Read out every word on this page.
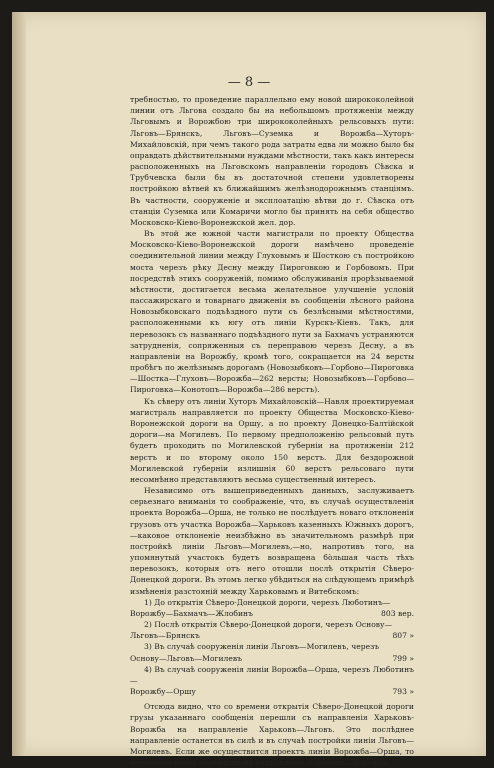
— 8 —

требностью, то проведение параллельно ему новой ширококолейной линии отъ Льгова создало бы на небольшомъ протяженiи между Льговымъ и Ворожбою три ширококолейныхъ рельсовыхъ пути: Льговъ—Брянскъ, Льговъ—Суземка и Ворожба—Хуторъ-Михайловскiй, при чемъ такого рода затраты едва ли можно было бы оправдать дѣйствительными нуждами мѣстности, такъ какъ интересы расположенныхъ на Льговскомъ направленiи городовъ Сѣвска и Трубчевска были бы въ достаточной степени удовлетворены постройкою вѣтвей къ ближайшимъ желѣзнодорожнымъ станцiямъ. Въ частности, сооруженiе и эксплоатацiю вѣтви до г. Сѣвска отъ станцiи Суземка или Комаричи могло бы принять на себя общество Московско-Кiево-Воронежской жел. дор.

Въ этой же южной части магистрали по проекту Общества Московско-Кiево-Воронежской дороги намѣчено проведенiе соединительной линии между Глуховымъ и Шосткою съ постройкою моста черезъ рѣку Десну между Пироговкою и Горбовомъ. При посредствѣ этихъ сооруженiй, помимо обслуживанiя прорѣзываемой мѣстности, достигается весьма желательное улучшенiе условiй пассажирскаго и товарнаго движенiя въ сообщенiи лѣсного района Новозыбковскаго подъѣздного пути съ безлѣсными мѣстностями, расположенными къ югу отъ линiи Курскъ-Кiевъ. Такъ, для перевозокъ съ названнаго подъѣздного пути за Бахмачъ устраняются затрудненiя, сопряженныя съ переправою черезъ Десну, а въ направленiи на Ворожбу, кромѣ того, сокращается на 24 версты пробѣгъ по желѣзнымъ дорогамъ (Новозыбковъ—Горбово—Пироговка—Шостка—Глуховъ—Ворожба—262 версты; Новозыбковъ—Горбово—Пироговка—Конотопъ—Ворожба—286 верстъ).

Къ сѣверу отъ линiи Хуторъ Михайловскiй—Навля проектируемая магистраль направляется по проекту Общества Московско-Кiево-Воронежской дороги на Оршу, а по проекту Донецко-Балтiйской дороги—на Могилевъ. По первому предположенiю рельсовый путь будетъ проходить по Могилевской губернiи на протяженiи 212 верстъ и по второму около 150 верстъ. Для бездорожной Могилевской губернiи излишнiя 60 верстъ рельсоваго пути несомнѣнно представляютъ весьма существенный интересъ.

Независимо отъ вышеприведенныхъ данныхъ, заслуживаетъ серьезнаго вниманiя то соображенiе, что, въ случаѣ осуществленiя проекта Ворожба—Орша, не только не послѣдуетъ новаго отклоненiя грузовъ отъ участка Ворожба—Харьковъ казенныхъ Южныхъ дорогъ,—каковое отклоненiе неизбѣжно въ значительномъ размѣрѣ при постройкѣ линiи Льговъ—Могилевъ,—но, напротивъ того, на упомянутый участокъ будетъ возвращена бо̀льшая часть тѣхъ перевозокъ, которыя отъ него отошли послѣ открытiя Сѣверо-Донецкой дороги. Въ этомъ легко убѣдиться на слѣдующемъ примѣрѣ измѣненiя разстоянiй между Харьковымъ и Витебскомъ:

1) До открытiя Сѣверо-Донецкой дороги, черезъ Люботинъ—
Ворожбу—Бахмачъ—Жлобинъ	803 вер.
2) Послѣ открытiя Сѣверо-Донецкой дороги, черезъ Основу—
Льговъ—Брянскъ	807 »
3) Въ случаѣ сооруженiя линiи Льговъ—Могилевъ, черезъ
Основу—Льговъ—Могилевъ	799 »
4) Въ случаѣ сооруженiя линiи Ворожба—Орша, черезъ Люботинъ—
Ворожбу—Оршу	793 »

Отсюда видно, что со времени открытiя Сѣверо-Донецкой дороги грузы указаннаго сообщенiя перешли съ направленiя Харьковъ-Ворожба на направленiе Харьковъ—Льговъ. Это послѣднее направленiе останется въ силѣ и въ случаѣ постройки линiи Льговъ—Могилевъ. Если же осуществится проектъ линiи Ворожба—Орша, то перевозки вновь перейдутъ на направленiе Харьковъ—Ворожба.
